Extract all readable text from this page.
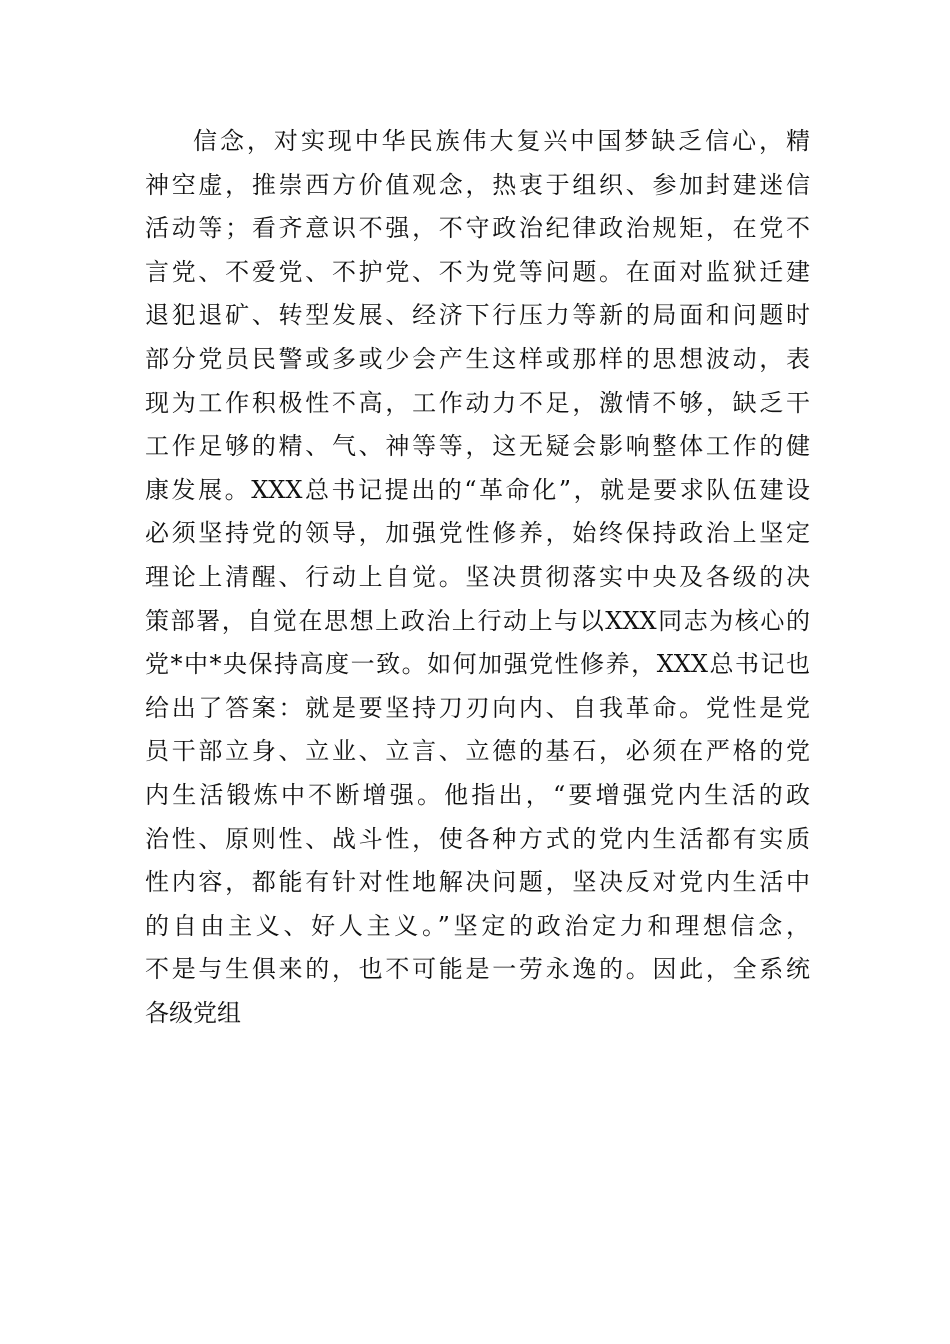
信念，对实现中华民族伟大复兴中国梦缺乏信心，精
神空虚，推崇西方价值观念，热衷于组织、参加封建迷信
活动等；看齐意识不强，不守政治纪律政治规矩，在党不
言党、不爱党、不护党、不为党等问题。在面对监狱迁建
退犯退矿、转型发展、经济下行压力等新的局面和问题时
部分党员民警或多或少会产生这样或那样的思想波动，表
现为工作积极性不高，工作动力不足，激情不够，缺乏干
工作足够的精、气、神等等，这无疑会影响整体工作的健
康发展。XXX总书记提出的“革命化”，就是要求队伍建设
必须坚持党的领导，加强党性修养，始终保持政治上坚定
理论上清醒、行动上自觉。坚决贯彻落实中央及各级的决
策部署，自觉在思想上政治上行动上与以XXX同志为核心的
党*中*央保持高度一致。如何加强党性修养，XXX总书记也
给出了答案：就是要坚持刀刃向内、自我革命。党性是党
员干部立身、立业、立言、立德的基石，必须在严格的党
内生活锻炼中不断增强。他指出，“要增强党内生活的政
治性、原则性、战斗性，使各种方式的党内生活都有实质
性内容，都能有针对性地解决问题，坚决反对党内生活中
的自由主义、好人主义。”坚定的政治定力和理想信念，
不是与生俱来的，也不可能是一劳永逸的。因此，全系统
各级党组
